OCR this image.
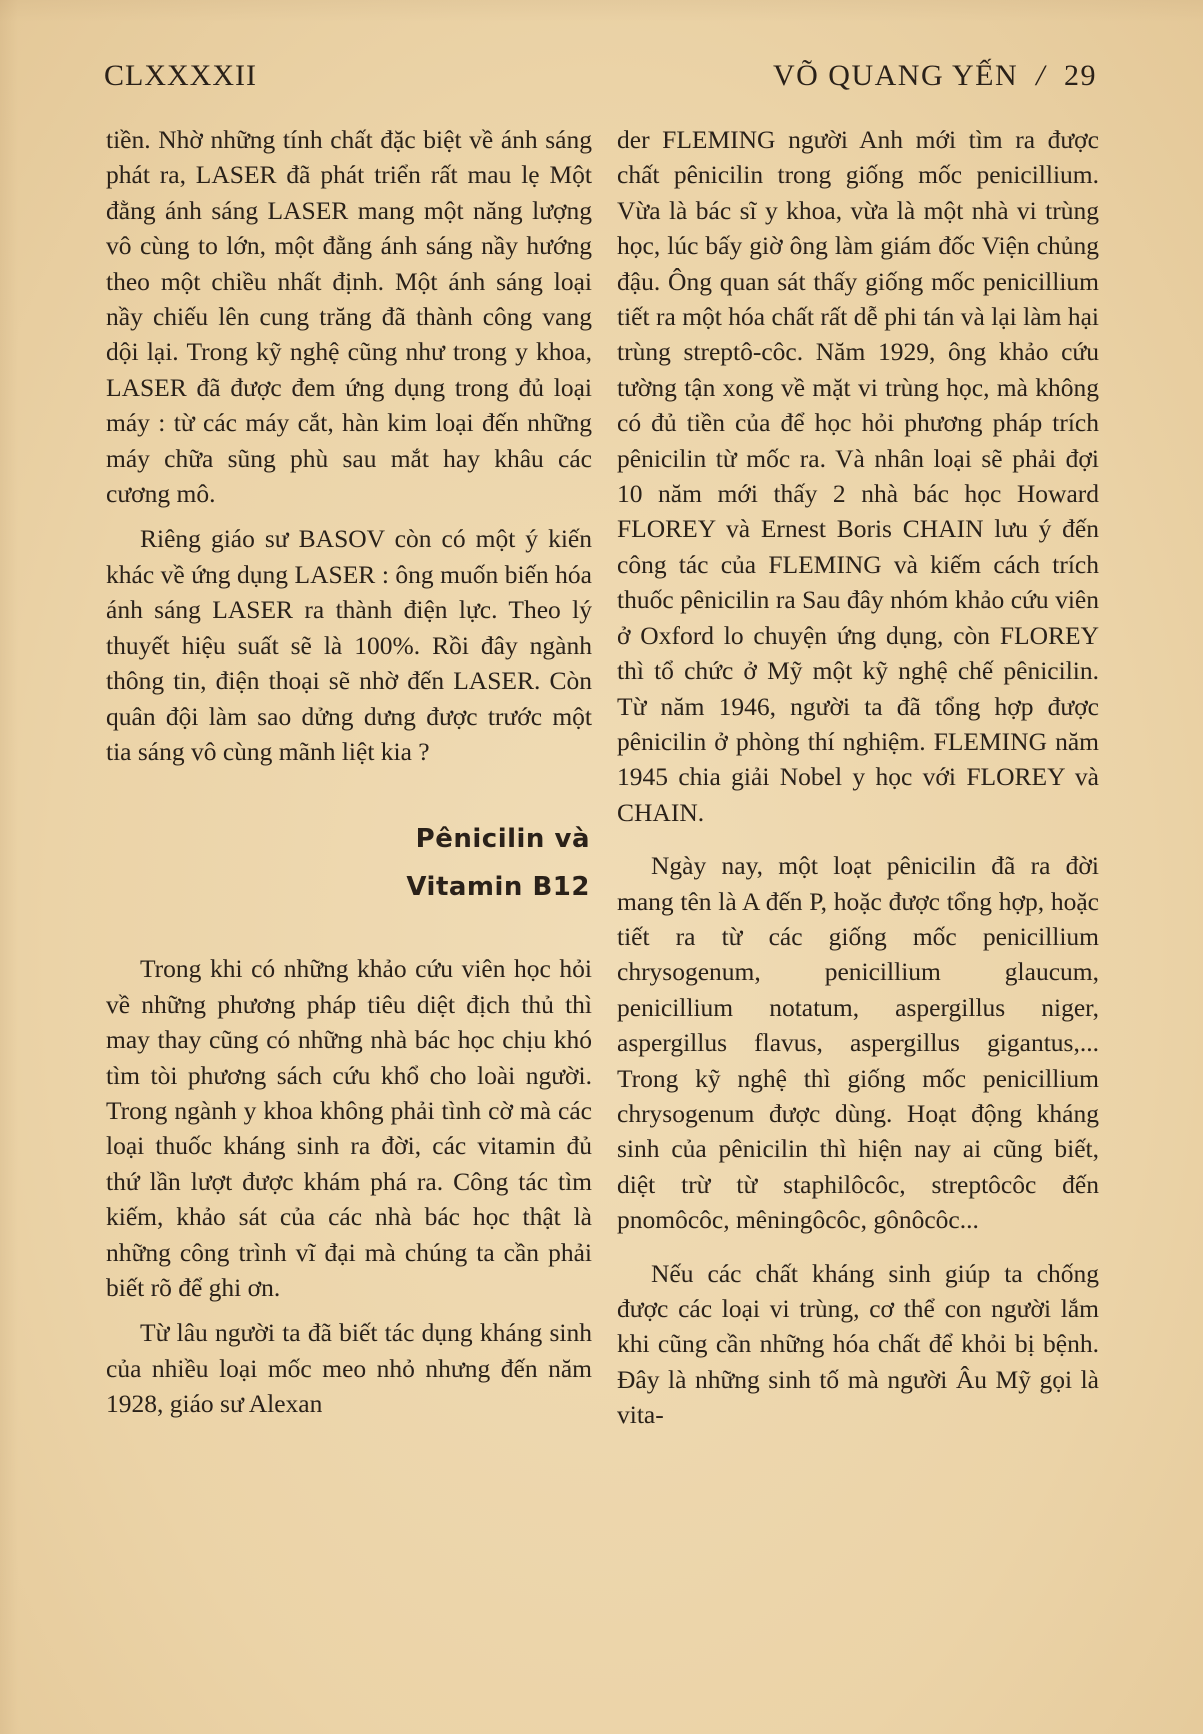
CLXXXXII	VÕ QUANG YẾN / 29

tiền. Nhờ những tính chất đặc biệt về ánh sáng phát ra, LASER đã phát triển rất mau lẹ Một đằng ánh sáng LASER mang một năng lượng vô cùng to lớn, một đằng ánh sáng nầy hướng theo một chiều nhất định. Một ánh sáng loại nầy chiếu lên cung trăng đã thành công vang dội lại. Trong kỹ nghệ cũng như trong y khoa, LASER đã được đem ứng dụng trong đủ loại máy : từ các máy cắt, hàn kim loại đến những máy chữa sũng phù sau mắt hay khâu các cương mô.

Riêng giáo sư BASOV còn có một ý kiến khác về ứng dụng LASER : ông muốn biến hóa ánh sáng LASER ra thành điện lực. Theo lý thuyết hiệu suất sẽ là 100%. Rồi đây ngành thông tin, điện thoại sẽ nhờ đến LASER. Còn quân đội làm sao dửng dưng được trước một tia sáng vô cùng mãnh liệt kia ?

Pênicilin và
Vitamin B12

Trong khi có những khảo cứu viên học hỏi về những phương pháp tiêu diệt địch thủ thì may thay cũng có những nhà bác học chịu khó tìm tòi phương sách cứu khổ cho loài người. Trong ngành y khoa không phải tình cờ mà các loại thuốc kháng sinh ra đời, các vitamin đủ thứ lần lượt được khám phá ra. Công tác tìm kiếm, khảo sát của các nhà bác học thật là những công trình vĩ đại mà chúng ta cần phải biết rõ để ghi ơn.

Từ lâu người ta đã biết tác dụng kháng sinh của nhiều loại mốc meo nhỏ nhưng đến năm 1928, giáo sư Alexan

der FLEMING người Anh mới tìm ra được chất pênicilin trong giống mốc penicillium. Vừa là bác sĩ y khoa, vừa là một nhà vi trùng học, lúc bấy giờ ông làm giám đốc Viện chủng đậu. Ông quan sát thấy giống mốc penicillium tiết ra một hóa chất rất dễ phi tán và lại làm hại trùng streptô-côc. Năm 1929, ông khảo cứu tường tận xong về mặt vi trùng học, mà không có đủ tiền của để học hỏi phương pháp trích pênicilin từ mốc ra. Và nhân loại sẽ phải đợi 10 năm mới thấy 2 nhà bác học Howard FLOREY và Ernest Boris CHAIN lưu ý đến công tác của FLEMING và kiếm cách trích thuốc pênicilin ra Sau đây nhóm khảo cứu viên ở Oxford lo chuyện ứng dụng, còn FLOREY thì tổ chức ở Mỹ một kỹ nghệ chế pênicilin. Từ năm 1946, người ta đã tổng hợp được pênicilin ở phòng thí nghiệm. FLEMING năm 1945 chia giải Nobel y học với FLOREY và CHAIN.

Ngày nay, một loạt pênicilin đã ra đời mang tên là A đến P, hoặc được tổng hợp, hoặc tiết ra từ các giống mốc penicillium chrysogenum, penicillium glaucum, penicillium notatum, aspergillus niger, aspergillus flavus, aspergillus gigantus,... Trong kỹ nghệ thì giống mốc penicillium chrysogenum được dùng. Hoạt động kháng sinh của pênicilin thì hiện nay ai cũng biết, diệt trừ từ staphilôcôc, streptôcôc đến pnomôcôc, mêningôcôc, gônôcôc...

Nếu các chất kháng sinh giúp ta chống được các loại vi trùng, cơ thể con người lắm khi cũng cần những hóa chất để khỏi bị bệnh. Đây là những sinh tố mà người Âu Mỹ gọi là vita-
